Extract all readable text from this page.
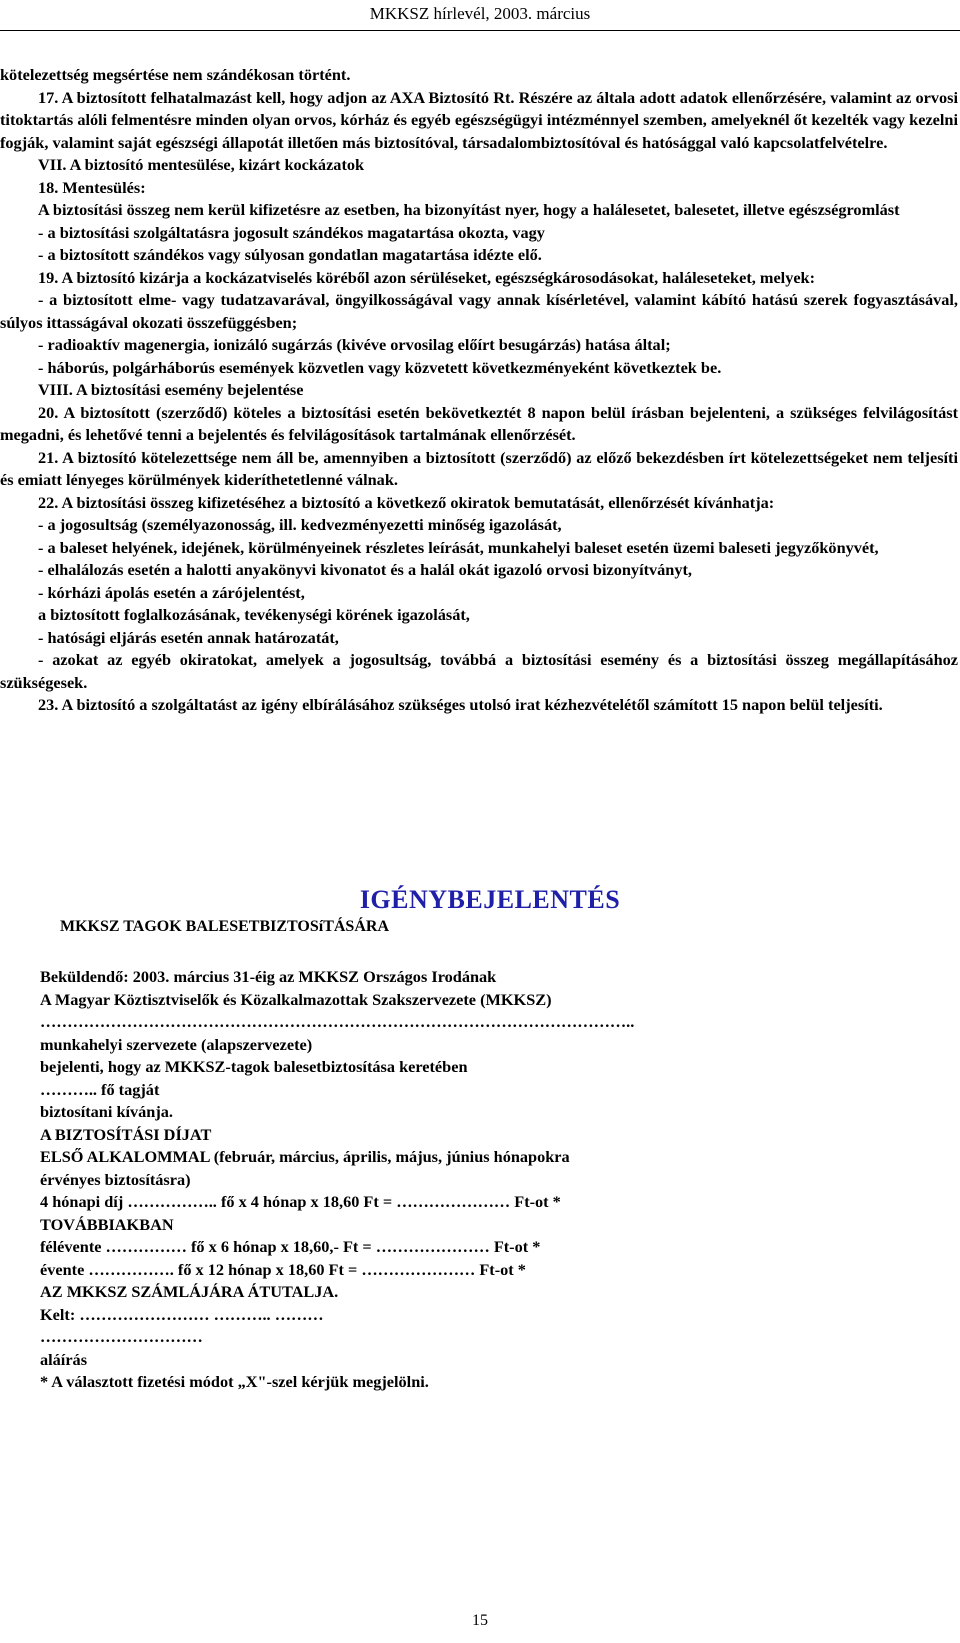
MKKSZ hírlevél, 2003. március

kötelezettség megsértése nem szándékosan történt.

17. A biztosított felhatalmazást kell, hogy adjon az AXA Biztosító Rt. Részére az általa adott adatok ellenőrzésére, valamint az orvosi titoktartás alóli felmentésre minden olyan orvos, kórház és egyéb egészségügyi intézménnyel szemben, amelyeknél őt kezelték vagy kezelni fogják, valamint saját egészségi állapotát illetően más biztosítóval, társadalombiztosítóval és hatósággal való kapcsolatfelvételre.

VII. A biztosító mentesülése, kizárt kockázatok

18. Mentesülés:

A biztosítási összeg nem kerül kifizetésre az esetben, ha bizonyítást nyer, hogy a halálesetet, balesetet, illetve egészségromlást

- a biztosítási szolgáltatásra jogosult szándékos magatartása okozta, vagy

- a biztosított szándékos vagy súlyosan gondatlan magatartása idézte elő.

19. A biztosító kizárja a kockázatviselés köréből azon sérüléseket, egészségkárosodásokat, haláleseteket, melyek:

- a biztosított elme- vagy tudatzavarával, öngyilkosságával vagy annak kísérletével, valamint kábító hatású szerek fogyasztásával, súlyos ittasságával okozati összefüggésben;

- radioaktív magenergia, ionizáló sugárzás (kivéve orvosilag előírt besugárzás) hatása által;

- háborús, polgárháborús események közvetlen vagy közvetett következményeként következtek be.

VIII. A biztosítási esemény bejelentése

20. A biztosított (szerződő) köteles a biztosítási esetén bekövetkeztét 8 napon belül írásban bejelenteni, a szükséges felvilágosítást megadni, és lehetővé tenni a bejelentés és felvilágosítások tartalmának ellenőrzését.

21. A biztosító kötelezettsége nem áll be, amennyiben a biztosított (szerződő) az előző bekezdésben írt kötelezettségeket nem teljesíti és emiatt lényeges körülmények kideríthetetlenné válnak.

22. A biztosítási összeg kifizetéséhez a biztosító a következő okiratok bemutatását, ellenőrzését kívánhatja:

- a jogosultság (személyazonosság, ill. kedvezményezetti minőség igazolását,

- a baleset helyének, idejének, körülményeinek részletes leírását, munkahelyi baleset esetén üzemi baleseti jegyzőkönyvét,

- elhalálozás esetén a halotti anyakönyvi kivonatot és a halál okát igazoló orvosi bizonyítványt,

- kórházi ápolás esetén a zárójelentést,

a biztosított foglalkozásának, tevékenységi körének igazolását,

- hatósági eljárás esetén annak határozatát,

- azokat az egyéb okiratokat, amelyek a jogosultság, továbbá a biztosítási esemény és a biztosítási összeg megállapításához szükségesek.

23. A biztosító a szolgáltatást az igény elbírálásához szükséges utolsó irat kézhezvételétől számított 15 napon belül teljesíti.

IGÉNYBEJELENTÉS

MKKSZ TAGOK BALESETBIZTOSíTÁSÁRA

Beküldendő: 2003. március 31-éig az MKKSZ Országos Irodának

A Magyar Köztisztviselők és Közalkalmazottak Szakszervezete (MKKSZ)

………………………………………………………………………………………………..

munkahelyi szervezete (alapszervezete)

bejelenti, hogy az MKKSZ-tagok balesetbiztosítása keretében

……….. fő tagját

biztosítani kívánja.

A BIZTOSÍTÁSI DÍJAT

ELSŐ ALKALOMMAL (február, március, április, május, június hónapokra

érvényes biztosításra)

4 hónapi díj …………….. fő x 4 hónap x 18,60 Ft = ………………… Ft-ot *

TOVÁBBIAKBAN

félévente …………… fő x 6 hónap x 18,60,- Ft = ………………… Ft-ot *

évente ……………. fő x 12 hónap x 18,60 Ft = ………………… Ft-ot *

AZ MKKSZ SZÁMLÁJÁRA ÁTUTALJA.

Kelt: …………………… ……….. ………

…………………………

aláírás

* A választott fizetési módot „X"-szel kérjük megjelölni.

15
